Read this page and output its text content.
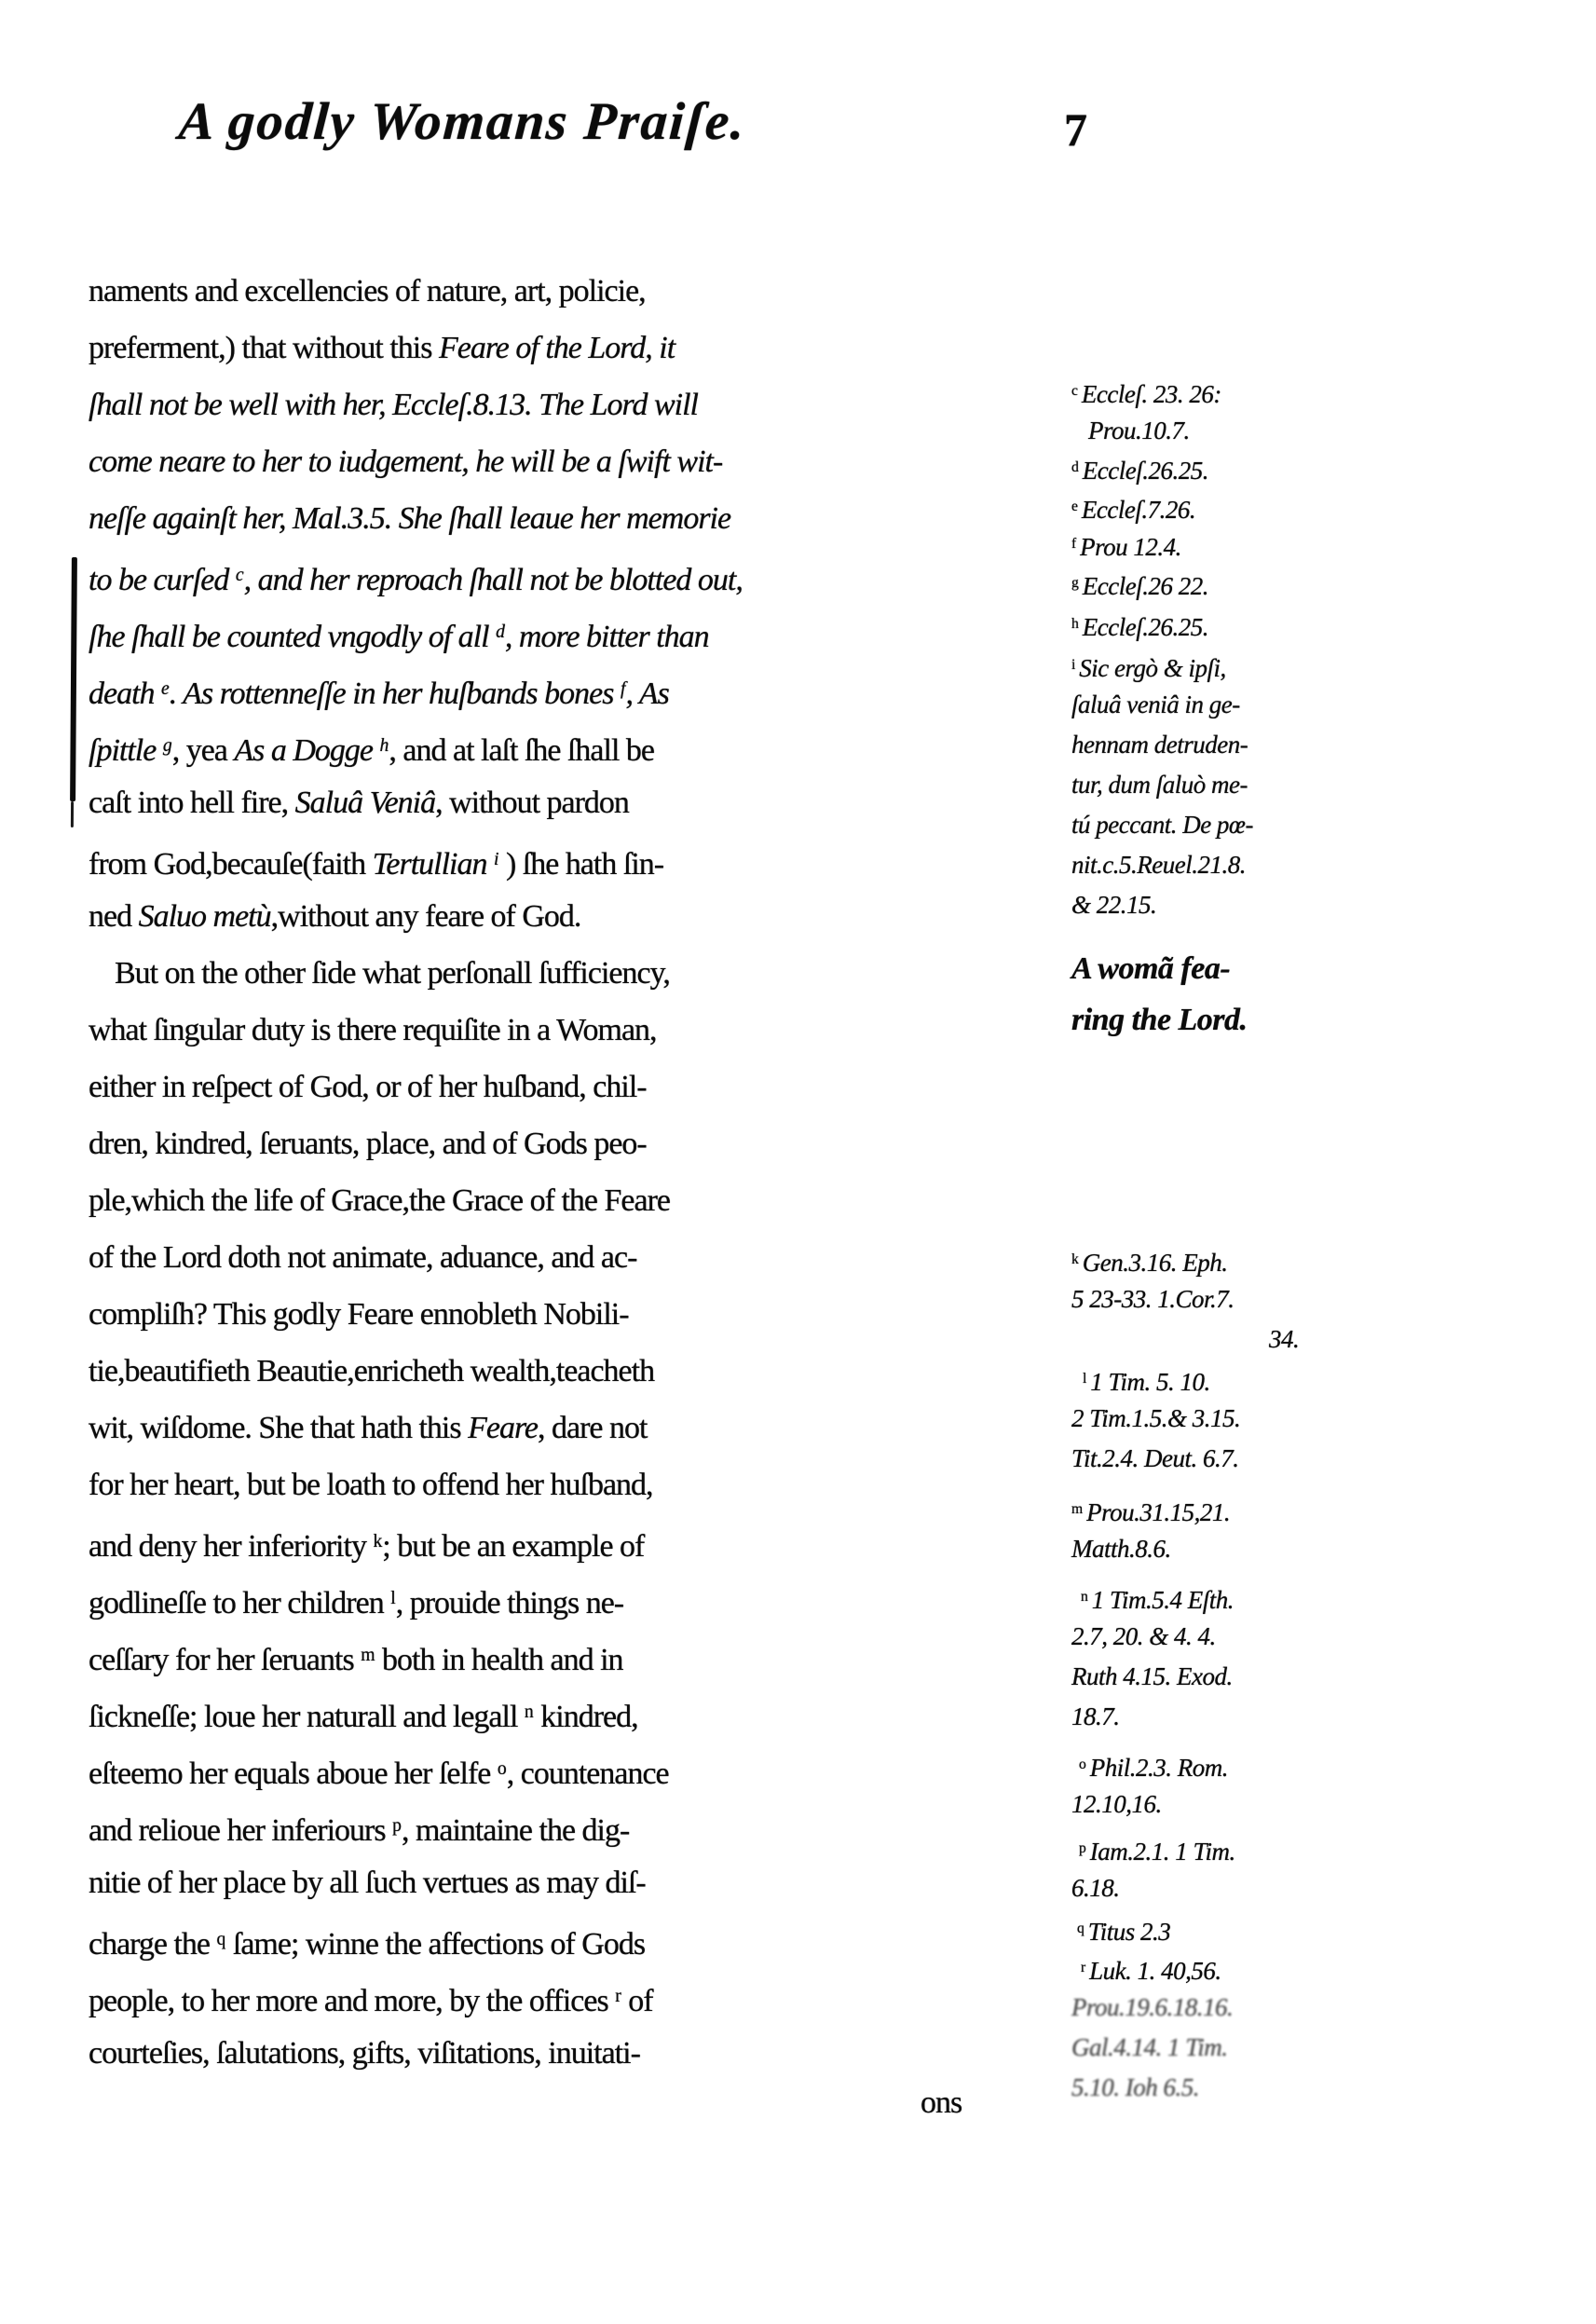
A godly Womans Praiſe.	7
naments and excellencies of nature, art, policie,
preferment,) that without this Feare of the Lord, it
ſhall not be well with her, Eccleſ.8.13. The Lord will
come neare to her to iudgement, he will be a ſwift wit-
neſſe againſt her, Mal.3.5. She ſhall leaue her memorie
to be curſed $^c$, and her reproach ſhall not be blotted out,
ſhe ſhall be counted vngodly of all $^d$, more bitter than
death $^e$. As rottenneſſe in her huſbands bones $^f$, As
ſpittle $^g$, yea As a Dogge $^h$, and at laſt ſhe ſhall be
caſt into hell fire, Saluâ Veniâ, without pardon
from God,becauſe(faith Tertullian $^i$ ) ſhe hath ſin-
ned Saluo metù,without any feare of God.
But on the other ſide what perſonall ſufficiency,
what ſingular duty is there requiſite in a Woman,
either in reſpect of God, or of her huſband, chil-
dren, kindred, ſeruants, place, and of Gods peo-
ple,which the life of Grace,the Grace of the Feare
of the Lord doth not animate, aduance, and ac-
compliſh? This godly Feare ennobleth Nobili-
tie,beautifieth Beautie,enricheth wealth,teacheth
wit, wiſdome. She that hath this Feare, dare not
for her heart, but be loath to offend her huſband,
and deny her inferiority $^k$; but be an example of
godlineſſe to her children $^l$, prouide things ne-
ceſſary for her ſeruants $^m$ both in health and in
ſickneſſe; loue her naturall and legall $^n$ kindred,
eſteemo her equals aboue her ſelfe $^o$, countenance
and relioue her inferiours $^p$, maintaine the dig-
nitie of her place by all ſuch vertues as may diſ-
charge the $^q$ ſame; winne the affections of Gods
people, to her more and more, by the offices $^r$ of
courteſies, ſalutations, gifts, viſitations, inuitati-
$^c$ Eccleſ. 23. 26:
Prou.10.7.
$^d$ Eccleſ.26.25.
$^e$ Eccleſ.7.26.
$^f$ Prou 12.4.
$^g$ Eccleſ.26 22.
$^h$ Eccleſ.26.25.
$^i$ Sic ergò & ipſi,
ſaluâ veniâ in ge-
hennam detruden-
tur, dum ſaluò me-
tú peccant. De pœ-
nit.c.5.Reuel.21.8.
& 22.15.
A womã fea-
ring the Lord.
$^k$ Gen.3.16. Eph.
5 23-33. 1.Cor.7.
34.
$^l$ 1 Tim. 5. 10.
2 Tim.1.5.& 3.15.
Tit.2.4. Deut. 6.7.
$^m$ Prou.31.15,21.
Matth.8.6.
$^n$ 1 Tim.5.4 Eſth.
2.7, 20. & 4. 4.
Ruth 4.15. Exod.
18.7.
$^o$ Phil.2.3. Rom.
12.10,16.
$^p$ Iam.2.1. 1 Tim.
6.18.
$^q$ Titus 2.3
$^r$ Luk. 1. 40,56.
Prou.19.6.18.16.
Gal.4.14. 1 Tim.
5.10. Ioh 6.5.
ons
